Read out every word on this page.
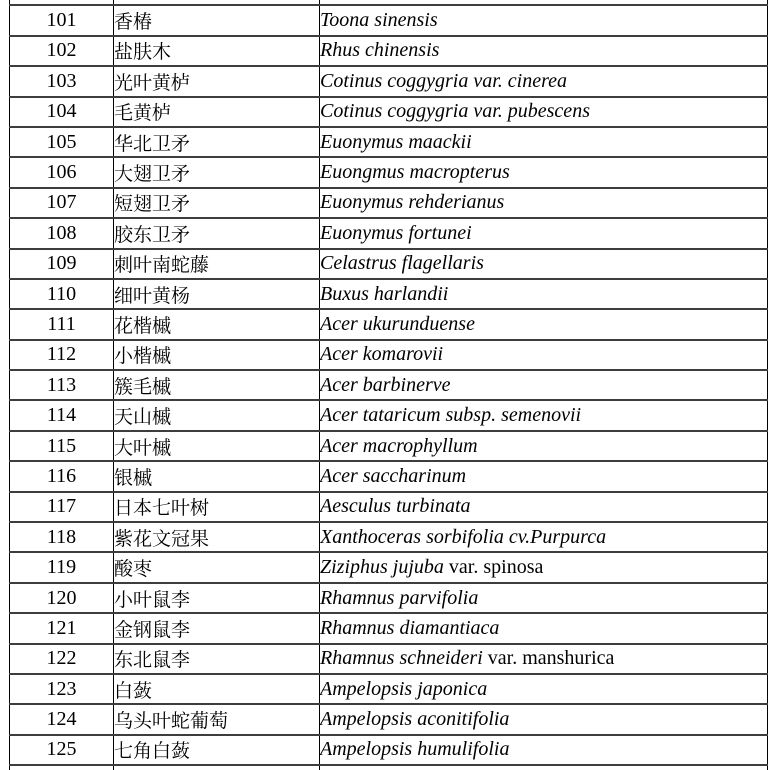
101	香椿	Toona sinensis
102	盐肤木	Rhus chinensis
103	光叶黄栌	Cotinus coggygria var. cinerea
104	毛黄栌	Cotinus coggygria var. pubescens
105	华北卫矛	Euonymus maackii
106	大翅卫矛	Euongmus macropterus
107	短翅卫矛	Euonymus rehderianus
108	胶东卫矛	Euonymus fortunei
109	刺叶南蛇藤	Celastrus flagellaris
110	细叶黄杨	Buxus harlandii
111	花楷槭	Acer ukurunduense
112	小楷槭	Acer komarovii
113	簇毛槭	Acer barbinerve
114	天山槭	Acer tataricum subsp. semenovii
115	大叶槭	Acer macrophyllum
116	银槭	Acer saccharinum
117	日本七叶树	Aesculus turbinata
118	紫花文冠果	Xanthoceras sorbifolia cv.Purpurca
119	酸枣	Ziziphus jujuba var. spinosa
120	小叶鼠李	Rhamnus parvifolia
121	金钢鼠李	Rhamnus diamantiaca
122	东北鼠李	Rhamnus schneideri var. manshurica
123	白蔹	Ampelopsis japonica
124	乌头叶蛇葡萄	Ampelopsis aconitifolia
125	七角白蔹	Ampelopsis humulifolia
